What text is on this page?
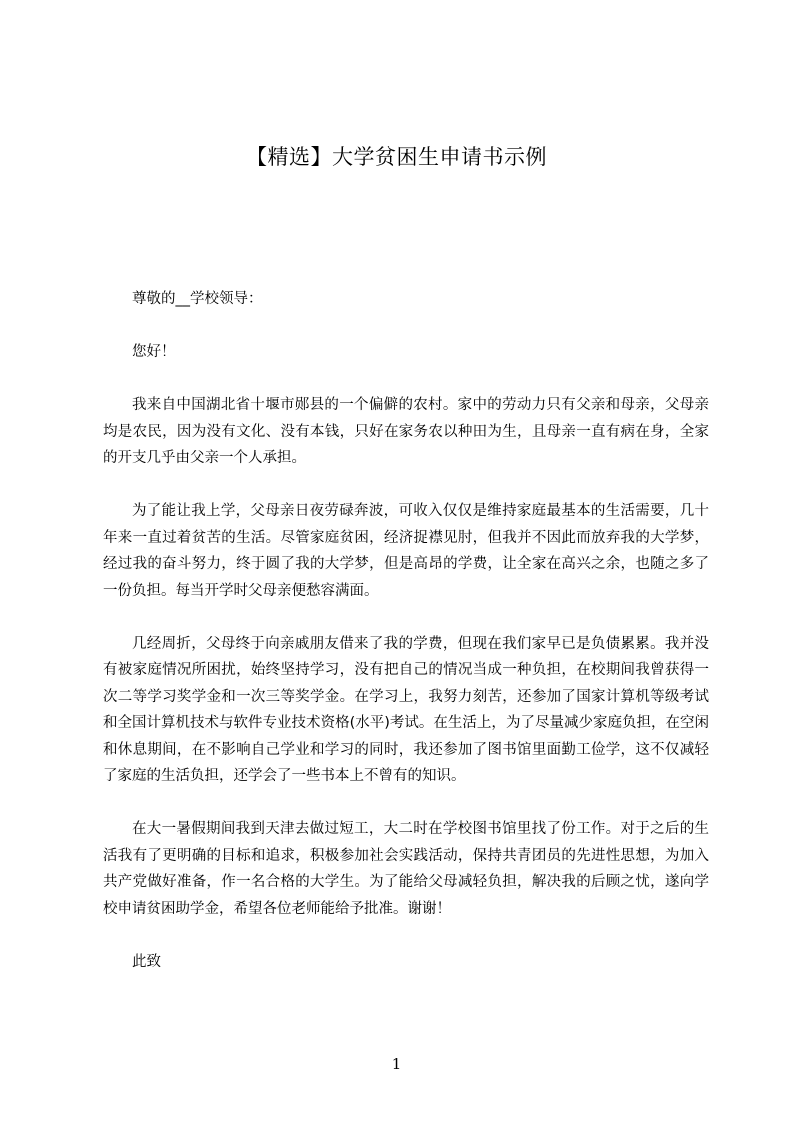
【精选】大学贫困生申请书示例

尊敬的__学校领导：

您好！

我来自中国湖北省十堰市郧县的一个偏僻的农村。家中的劳动力只有父亲和母亲，父母亲均是农民，因为没有文化、没有本钱，只好在家务农以种田为生，且母亲一直有病在身，全家的开支几乎由父亲一个人承担。

为了能让我上学，父母亲日夜劳碌奔波，可收入仅仅是维持家庭最基本的生活需要，几十年来一直过着贫苦的生活。尽管家庭贫困，经济捉襟见肘，但我并不因此而放弃我的大学梦，经过我的奋斗努力，终于圆了我的大学梦，但是高昂的学费，让全家在高兴之余，也随之多了一份负担。每当开学时父母亲便愁容满面。

几经周折，父母终于向亲戚朋友借来了我的学费，但现在我们家早已是负债累累。我并没有被家庭情况所困扰，始终坚持学习，没有把自己的情况当成一种负担，在校期间我曾获得一次二等学习奖学金和一次三等奖学金。在学习上，我努力刻苦，还参加了国家计算机等级考试和全国计算机技术与软件专业技术资格(水平)考试。在生活上，为了尽量减少家庭负担，在空闲和休息期间，在不影响自己学业和学习的同时，我还参加了图书馆里面勤工俭学，这不仅减轻了家庭的生活负担，还学会了一些书本上不曾有的知识。

在大一暑假期间我到天津去做过短工，大二时在学校图书馆里找了份工作。对于之后的生活我有了更明确的目标和追求，积极参加社会实践活动，保持共青团员的先进性思想，为加入共产党做好准备，作一名合格的大学生。为了能给父母减轻负担，解决我的后顾之忧，遂向学校申请贫困助学金，希望各位老师能给予批准。谢谢！

此致

1
